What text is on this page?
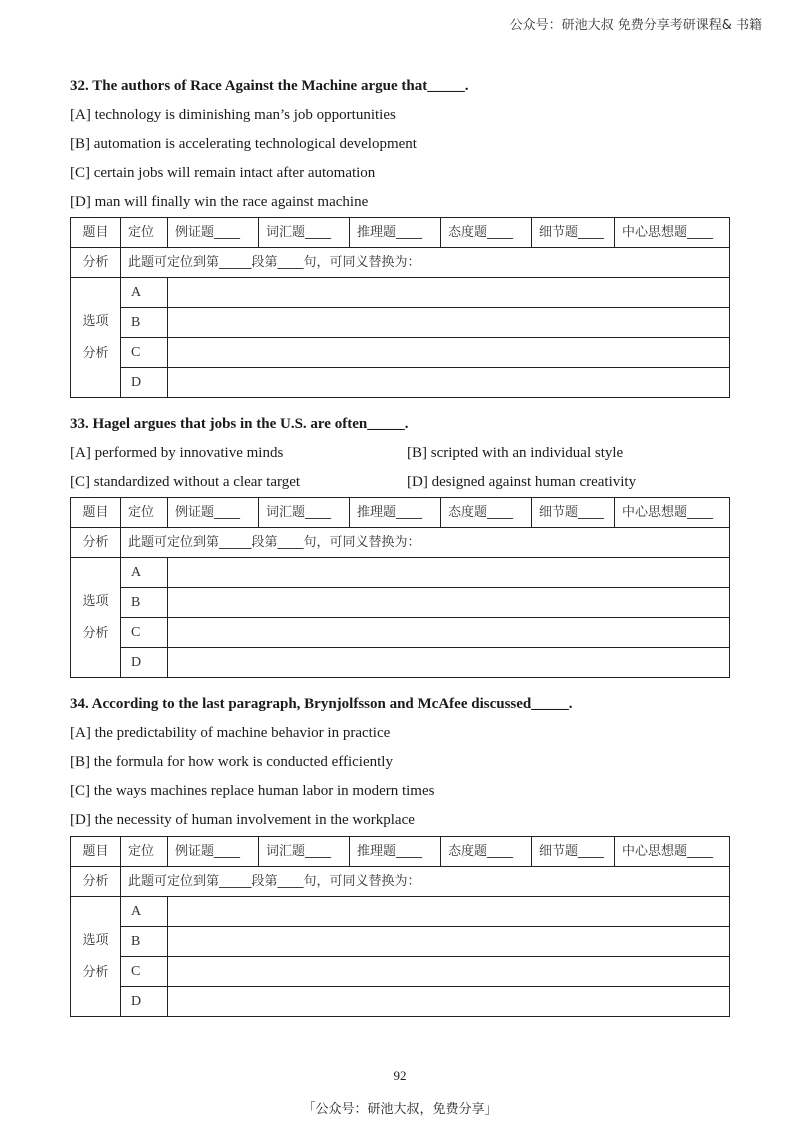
公众号：研池大叔 免费分享考研课程& 书籍
32. The authors of Race Against the Machine argue that_____.
[A] technology is diminishing man’s job opportunities
[B] automation is accelerating technological development
[C] certain jobs will remain intact after automation
[D] man will finally win the race against machine
题目	定位	例证题____	词汇题____	推理题____	态度题____	细节题____	中心思想题____
分析	此题可定位到第_____段第____句，可同义替换为：						
选项
分析	A						
	B						
	C						
	D						
33. Hagel argues that jobs in the U.S. are often_____.
[A] performed by innovative minds	[B] scripted with an individual style
[C] standardized without a clear target	[D] designed against human creativity
题目	定位	例证题____	词汇题____	推理题____	态度题____	细节题____	中心思想题____
分析	此题可定位到第_____段第____句，可同义替换为：						
选项
分析	A						
	B						
	C						
	D						
34. According to the last paragraph, Brynjolfsson and McAfee discussed_____.
[A] the predictability of machine behavior in practice
[B] the formula for how work is conducted efficiently
[C] the ways machines replace human labor in modern times
[D] the necessity of human involvement in the workplace
题目	定位	例证题____	词汇题____	推理题____	态度题____	细节题____	中心思想题____
分析	此题可定位到第_____段第____句，可同义替换为：						
选项
分析	A						
	B						
	C						
	D						
92
「公众号：研池大叔，免费分享」
